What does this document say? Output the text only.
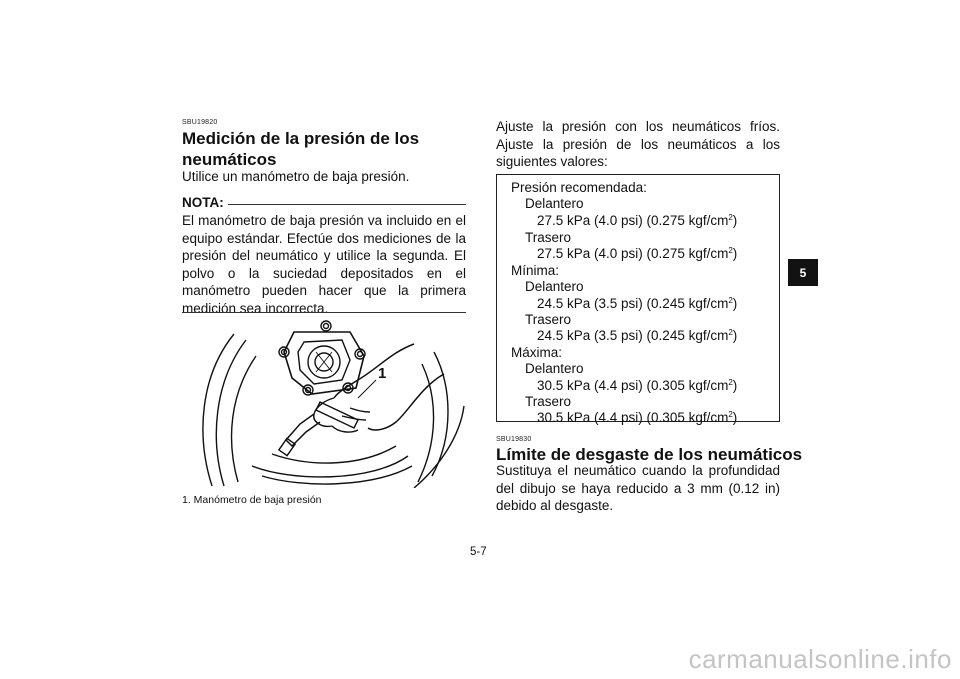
SBU19820
Medición de la presión de los
neumáticos
Utilice un manómetro de baja presión.
NOTA:
El manómetro de baja presión va incluido en el equipo estándar. Efectúe dos mediciones de la presión del neumático y utilice la segunda. El polvo o la suciedad depositados en el manómetro pueden hacer que la primera medición sea incorrecta.
1
1. Manómetro de baja presión
Ajuste la presión con los neumáticos fríos. Ajuste la presión de los neumáticos a los siguientes valores:
Presión recomendada:
Delantero
27.5 kPa (4.0 psi) (0.275 kgf/$cm^2$)
Trasero
27.5 kPa (4.0 psi) (0.275 kgf/$cm^2$)
Mínima:
Delantero
24.5 kPa (3.5 psi) (0.245 kgf/$cm^2$)
Trasero
24.5 kPa (3.5 psi) (0.245 kgf/$cm^2$)
Máxima:
Delantero
30.5 kPa (4.4 psi) (0.305 kgf/$cm^2$)
Trasero
30.5 kPa (4.4 psi) (0.305 kgf/$cm^2$)
SBU19830
Límite de desgaste de los neumáticos
Sustituya el neumático cuando la profundidad del dibujo se haya reducido a 3 mm (0.12 in) debido al desgaste.
5
5-7
carmanualsonline.info
